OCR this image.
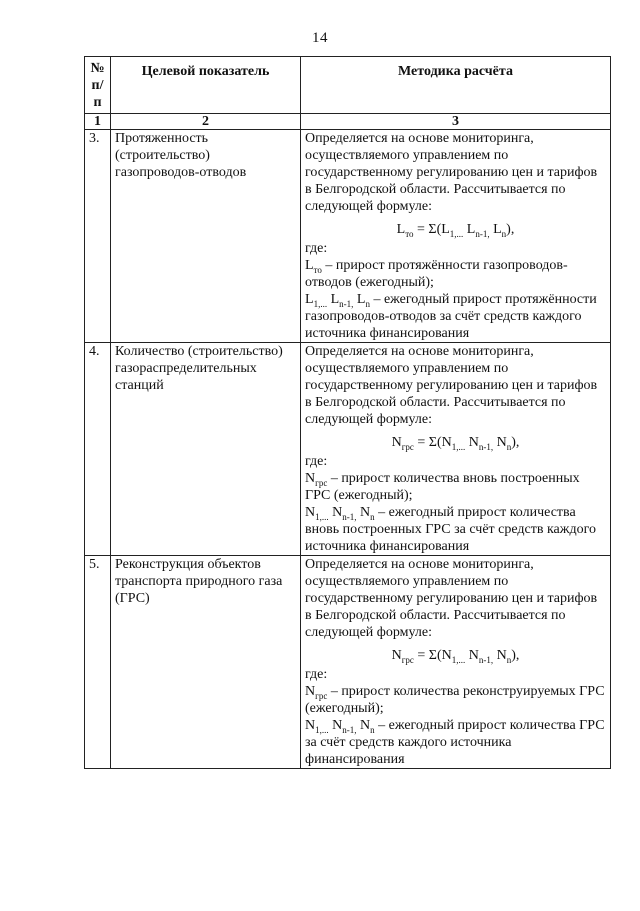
14
№ п/п	Целевой показатель	Методика расчёта
1	2	3
3.	Протяженность (строительство) газопроводов-отводов	Определяется на основе мониторинга, осуществляемого управлением по государственному регулированию цен и тарифов в Белгородской области. Рассчитывается по следующей формуле:

$L_{то} = \Sigma(L_{1,...}$ $L_{n-1,}$ $L_n$),

где:

$L_{то}$ – прирост протяжённости газопроводов-отводов (ежегодный);

$L_{1,...}$ $L_{n-1,}$ $L_n$ – ежегодный прирост протяжённости газопроводов-отводов за счёт средств каждого источника финансирования

4.	Количество (строительство) газораспределительных станций	Определяется на основе мониторинга, осуществляемого управлением по государственному регулированию цен и тарифов в Белгородской области. Рассчитывается по следующей формуле:

$N_{грс} = \Sigma(N_{1,...}$ $N_{n-1,}$ $N_n$),

где:

$N_{грс}$ – прирост количества вновь построенных ГРС (ежегодный);

$N_{1,...}$ $N_{n-1,}$ $N_n$ – ежегодный прирост количества вновь построенных ГРС за счёт средств каждого источника финансирования

5.	Реконструкция объектов транспорта природного газа (ГРС)	Определяется на основе мониторинга, осуществляемого управлением по государственному регулированию цен и тарифов в Белгородской области. Рассчитывается по следующей формуле:

$N_{грс} = \Sigma(N_{1,...}$ $N_{n-1,}$ $N_n$),

где:

$N_{грс}$ – прирост количества реконструируемых ГРС (ежегодный);

$N_{1,...}$ $N_{n-1,}$ $N_n$ – ежегодный прирост количества ГРС за счёт средств каждого источника финансирования
